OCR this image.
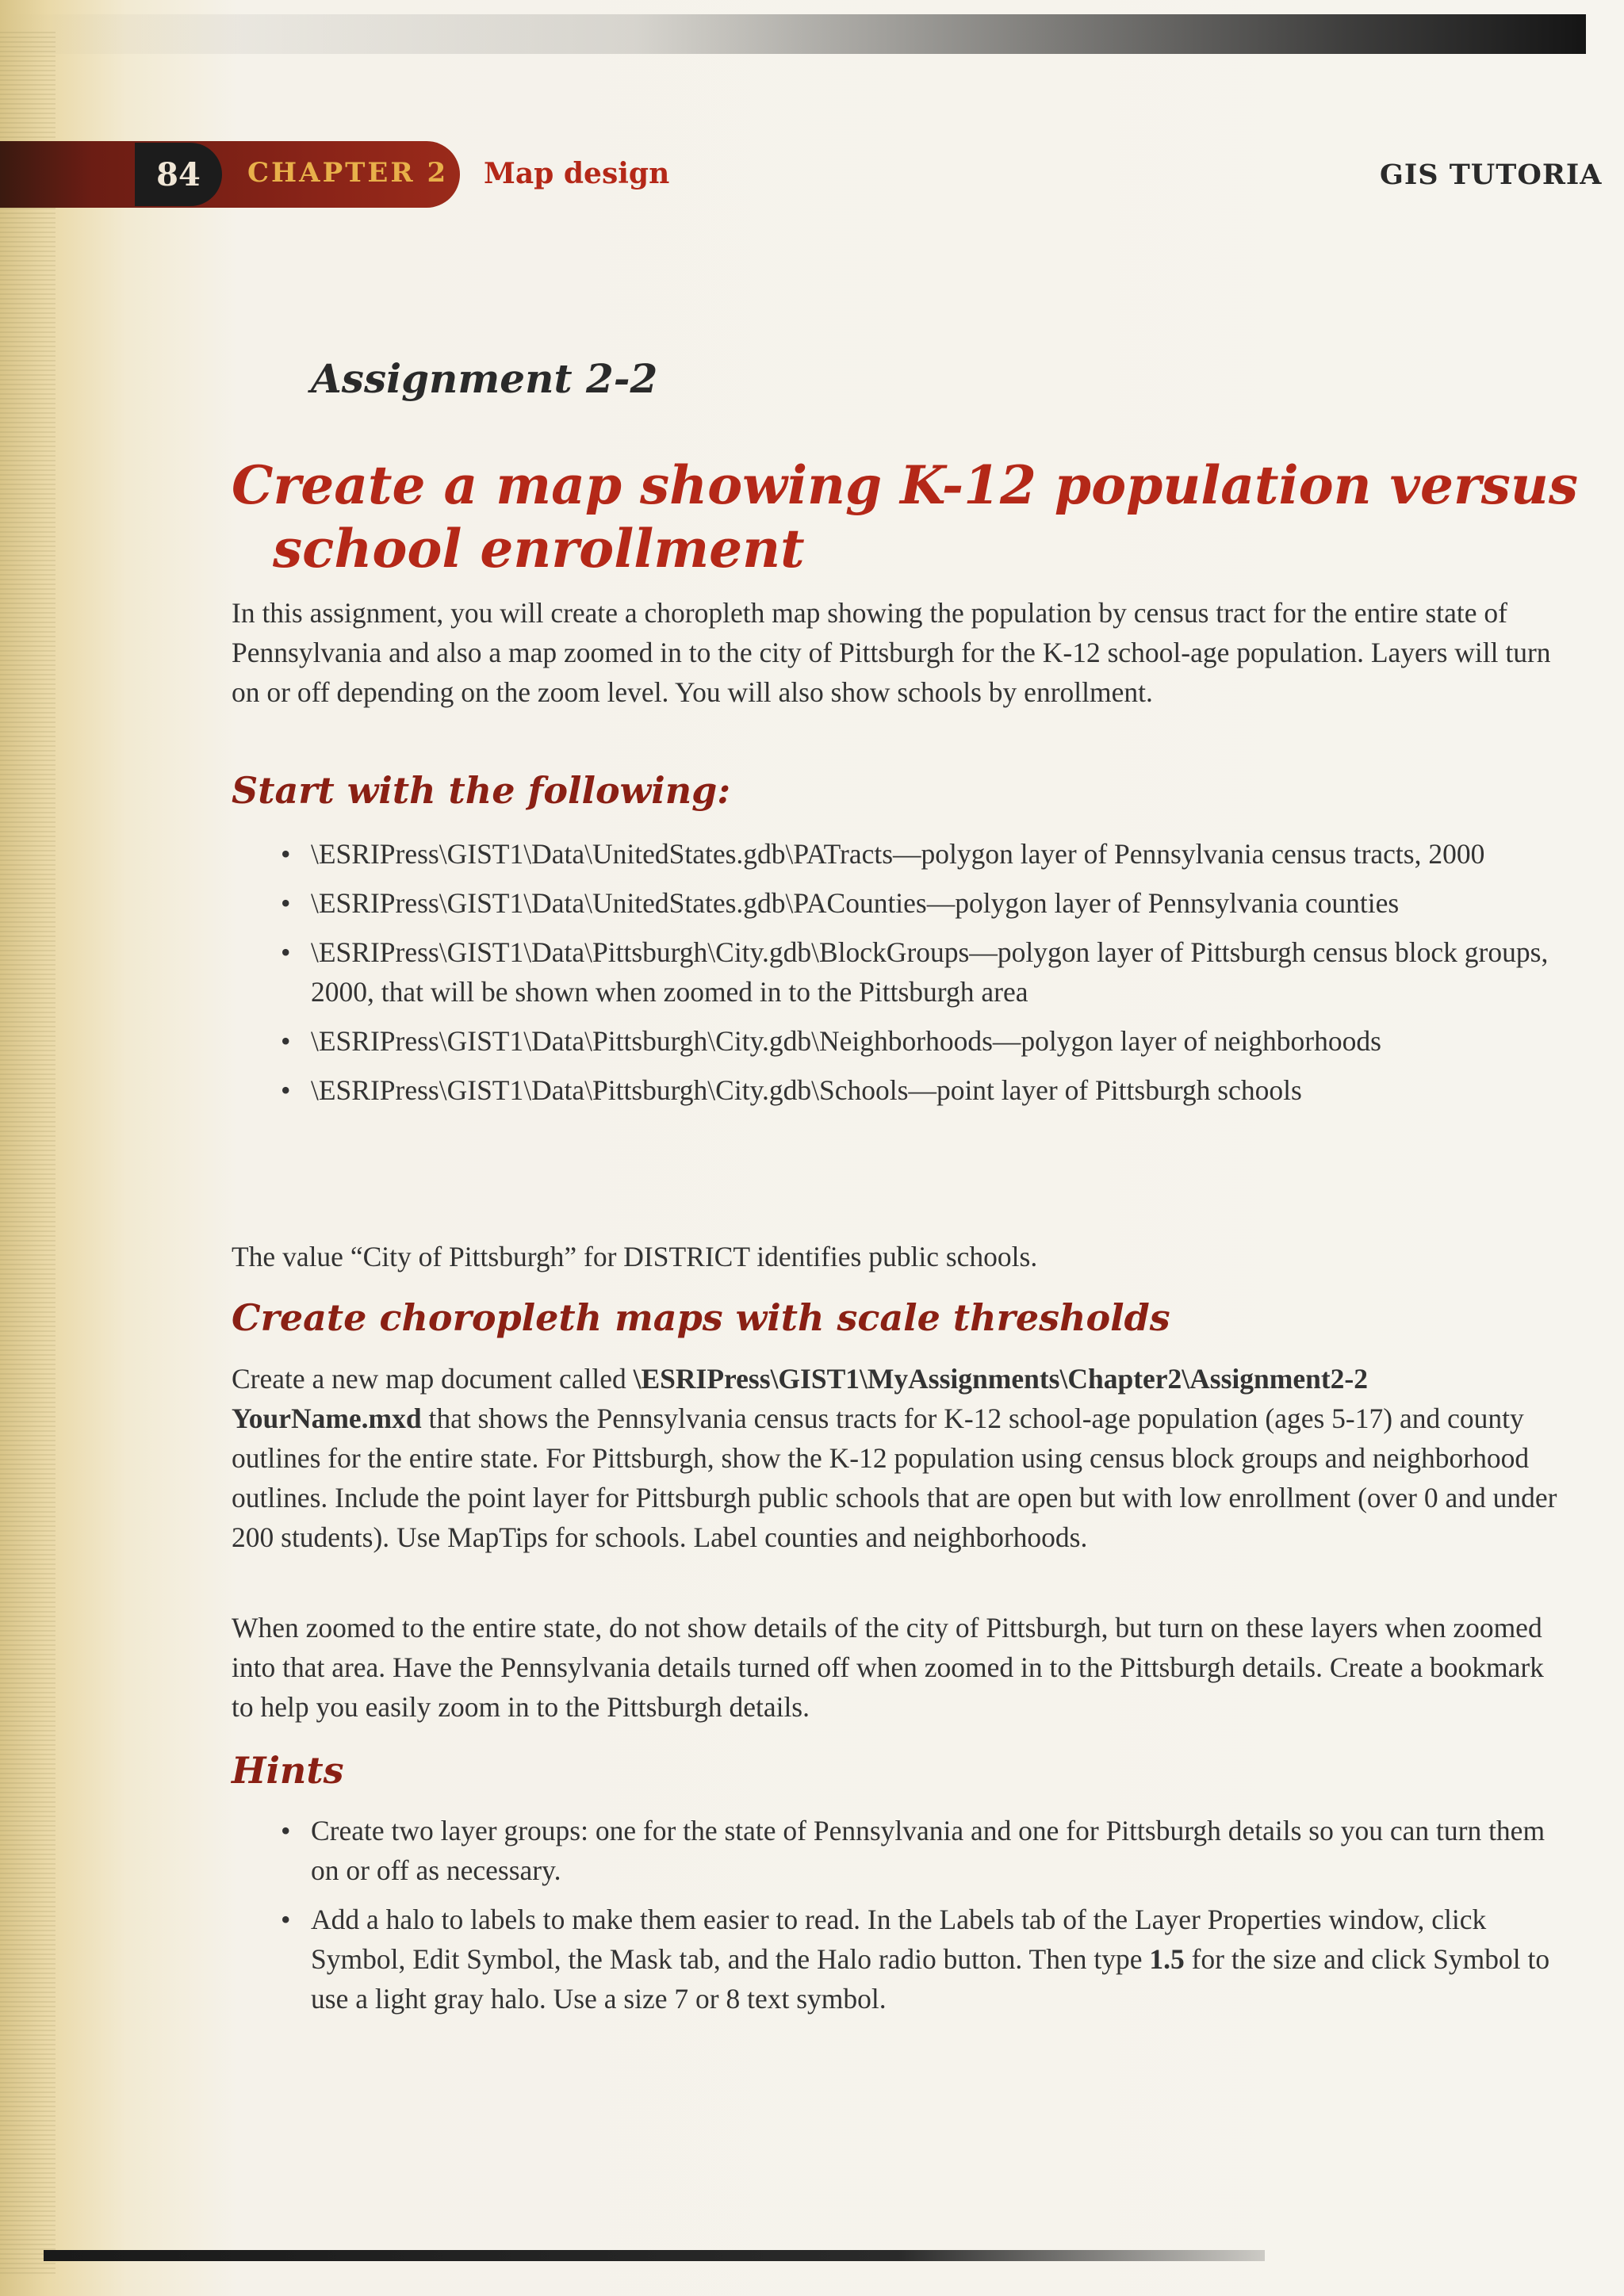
84	CHAPTER 2 Map design	GIS TUTORIA
Assignment 2-2
Create a map showing K-12 population versus
school enrollment
In this assignment, you will create a choropleth map showing the population by census tract for the entire state of Pennsylvania and also a map zoomed in to the city of Pittsburgh for the K-12 school-age population. Layers will turn on or off depending on the zoom level. You will also show schools by enrollment.
Start with the following:
• \ESRIPress\GIST1\Data\UnitedStates.gdb\PATracts—polygon layer of Pennsylvania census tracts, 2000
• \ESRIPress\GIST1\Data\UnitedStates.gdb\PACounties—polygon layer of Pennsylvania counties
• \ESRIPress\GIST1\Data\Pittsburgh\City.gdb\BlockGroups—polygon layer of Pittsburgh census block groups, 2000, that will be shown when zoomed in to the Pittsburgh area
• \ESRIPress\GIST1\Data\Pittsburgh\City.gdb\Neighborhoods—polygon layer of neighborhoods
• \ESRIPress\GIST1\Data\Pittsburgh\City.gdb\Schools—point layer of Pittsburgh schools
The value “City of Pittsburgh” for DISTRICT identifies public schools.
Create choropleth maps with scale thresholds
Create a new map document called \ESRIPress\GIST1\MyAssignments\Chapter2\Assignment2-2 YourName.mxd that shows the Pennsylvania census tracts for K-12 school-age population (ages 5-17) and county outlines for the entire state. For Pittsburgh, show the K-12 population using census block groups and neighborhood outlines. Include the point layer for Pittsburgh public schools that are open but with low enrollment (over 0 and under 200 students). Use MapTips for schools. Label counties and neighborhoods.
When zoomed to the entire state, do not show details of the city of Pittsburgh, but turn on these layers when zoomed into that area. Have the Pennsylvania details turned off when zoomed in to the Pittsburgh details. Create a bookmark to help you easily zoom in to the Pittsburgh details.
Hints
• Create two layer groups: one for the state of Pennsylvania and one for Pittsburgh details so you can turn them on or off as necessary.
• Add a halo to labels to make them easier to read. In the Labels tab of the Layer Properties window, click Symbol, Edit Symbol, the Mask tab, and the Halo radio button. Then type 1.5 for the size and click Symbol to use a light gray halo. Use a size 7 or 8 text symbol.
